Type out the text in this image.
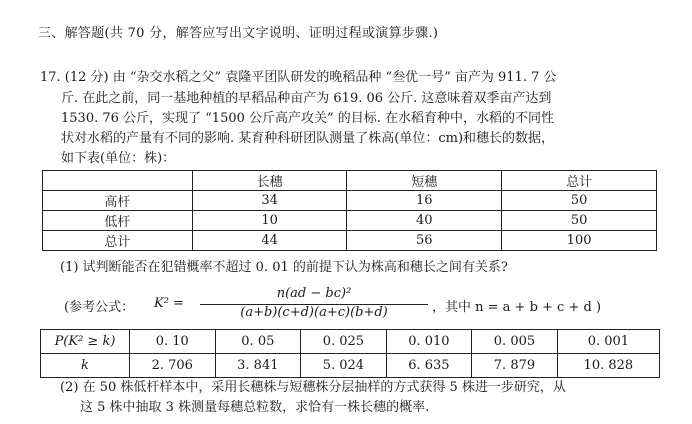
三、解答题(共 70 分，解答应写出文字说明、证明过程或演算步骤.)
17. (12 分) 由 “杂交水稻之父” 袁隆平团队研发的晚稻品种 “叁优一号” 亩产为 911. 7 公
斤. 在此之前，同一基地种植的早稻品种亩产为 619. 06 公斤. 这意味着双季亩产达到
1530. 76 公斤，实现了 “1500 公斤高产攻关” 的目标. 在水稻育种中，水稻的不同性
状对水稻的产量有不同的影响. 某育种科研团队测量了株高(单位：cm)和穗长的数据，
如下表(单位：株)：
	长穗	短穗	总计
高杆	34	16	50
低杆	10	40	50
总计	44	56	100
(1) 试判断能否在犯错概率不超过 0. 01 的前提下认为株高和穗长之间有关系?
(参考公式： K² =
n(ad − bc)²
(a+b)(c+d)(a+c)(b+d)	，其中 n = a + b + c + d )
P(K² ≥ k)	0. 10	0. 05	0. 025	0. 010	0. 005	0. 001
k	2. 706	3. 841	5. 024	6. 635	7. 879	10. 828
(2) 在 50 株低杆样本中，采用长穗株与短穗株分层抽样的方式获得 5 株进一步研究，从
这 5 株中抽取 3 株测量每穗总粒数，求恰有一株长穗的概率.
